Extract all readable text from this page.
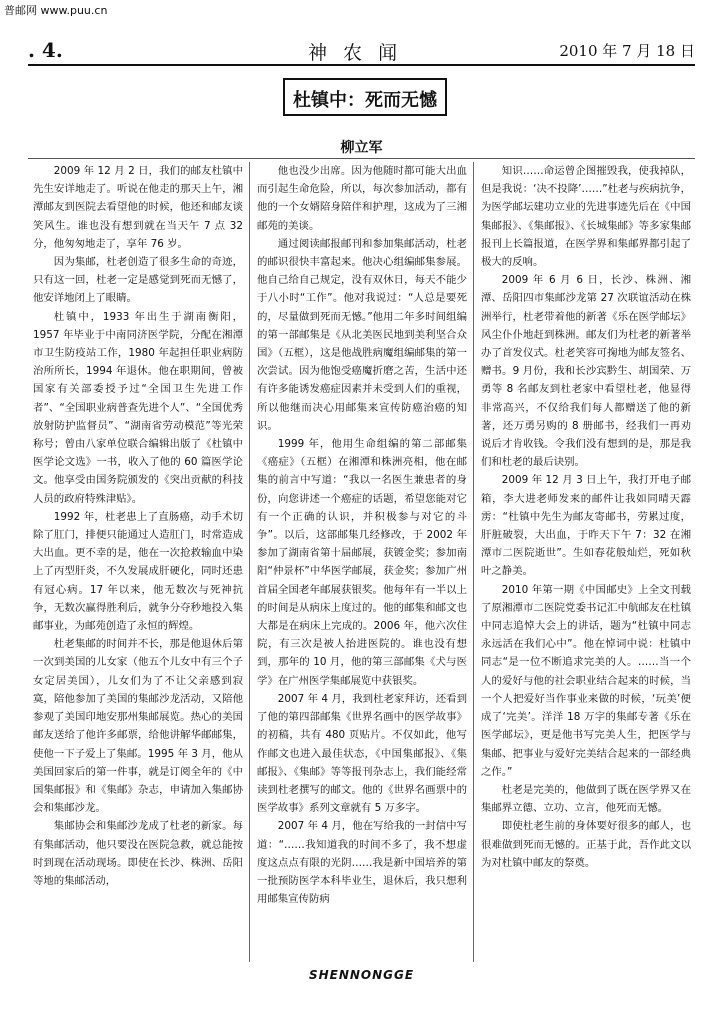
普邮网 www.puu.cn
. 4.	神 农 闻	2010 年 7 月 18 日
杜镇中：死而无憾
柳立军

2009 年 12 月 2 日，我们的邮友杜镇中先生安详地走了。听说在他走的那天上午，湘潭邮友到医院去看望他的时候，他还和邮友谈笑风生。谁也没有想到就在当天午 7 点 32 分，他匆匆地走了，享年 76 岁。

因为集邮，杜老创造了很多生命的奇迹，只有这一回，杜老一定是感觉到死而无憾了，他安详地闭上了眼睛。

杜镇中，1933 年出生于湖南衡阳，1957 年毕业于中南同济医学院，分配在湘潭市卫生防疫站工作，1980 年起担任职业病防治所所长，1994 年退休。他在职期间，曾被国家有关部委授予过“全国卫生先进工作者”、“全国职业病普查先进个人”、“全国优秀放射防护监督员”、“湖南省劳动模范”等光荣称号；曾由八家单位联合编辑出版了《杜镇中医学论文选》一书，收入了他的 60 篇医学论文。他享受由国务院颁发的《突出贡献的科技人员的政府特殊津贴》。

1992 年，杜老患上了直肠癌，动手术切除了肛门，排便只能通过人造肛门，时常造成大出血。更不幸的是，他在一次抢救输血中染上了丙型肝炎，不久发展成肝硬化，同时还患有冠心病。17 年以来，他无数次与死神抗争，无数次赢得胜利后，就争分夺秒地投入集邮事业，为邮苑创造了永恒的辉煌。

杜老集邮的时间并不长，那是他退休后第一次到美国的儿女家（他五个儿女中有三个子女定居美国），儿女们为了不让父亲感到寂寞，陪他参加了美国的集邮沙龙活动，又陪他参观了美国印地安那州集邮展览。热心的美国邮友送给了他许多邮票，给他讲解华邮邮集，使他一下子爱上了集邮。1995 年 3 月，他从美国回家后的第一件事，就是订阅全年的《中国集邮报》和《集邮》杂志，申请加入集邮协会和集邮沙龙。

集邮协会和集邮沙龙成了杜老的新家。每有集邮活动，他只要没在医院急救，就总能按时到现在活动现场。即使在长沙、株洲、岳阳等地的集邮活动，

他也没少出席。因为他随时都可能大出血而引起生命危险，所以，每次参加活动，都有他的一个女婿陪身陪伴和护理，这成为了三湘邮苑的美谈。

通过阅读邮报邮刊和参加集邮活动，杜老的邮识很快丰富起来。他决心组编邮集参展。他自己给自己规定，没有双休日，每天不能少于八小时“工作”。他对我说过：“人总是要死的，尽量做到死而无憾。”他用二年多时间组编的第一部邮集是《从北美医民地到美利坚合众国》（五框），这是他战胜病魔组编邮集的第一次尝试。因为他饱受癌魔折磨之苦，生活中还有许多能诱发癌症因素并未受到人们的重视，所以他继而决心用邮集来宣传防癌治癌的知识。

1999 年，他用生命组编的第二部邮集《癌症》（五框）在湘潭和株洲亮相，他在邮集的前言中写道：“我以一名医生兼患者的身份，向您讲述一个癌症的话题，希望您能对它有一个正确的认识，并积极参与对它的斗争”。以后，这部邮集几经修改，于 2002 年参加了湖南省第十届邮展，获镀金奖；参加南阳“仲景杯”中华医学邮展，获金奖；参加广州首届全国老年邮展获银奖。他每年有一半以上的时间是从病床上度过的。他的邮集和邮文也大都是在病床上完成的。2006 年，他六次住院，有三次是被人抬进医院的。谁也没有想到，那年的 10 月，他的第三部邮集《犬与医学》在广州医学集邮展览中获银奖。

2007 年 4 月，我到杜老家拜访，还看到了他的第四部邮集《世界名画中的医学故事》的初稿，共有 480 页贴片。不仅如此，他写作邮文也进入最佳状态，《中国集邮报》、《集邮报》、《集邮》等等报刊杂志上，我们能经常读到杜老撰写的邮文。他的《世界名画票中的医学故事》系列文章就有 5 万多字。

2007 年 4 月，他在写给我的一封信中写道：“……我知道我的时间不多了，我不想虚度这点点有限的光阴……我是新中国培养的第一批预防医学本科毕业生，退休后，我只想利用邮集宣传防病

知识……命运曾企图摧毁我，使我掉队，但是我说：‘决不投降’……”杜老与疾病抗争，为医学邮坛建功立业的先进事迹先后在《中国集邮报》、《集邮报》、《长城集邮》等多家集邮报刊上长篇报道，在医学界和集邮界都引起了极大的反响。

2009 年 6 月 6 日，长沙、株洲、湘潭、岳阳四市集邮沙龙第 27 次联谊活动在株洲举行，杜老带着他的新著《乐在医学邮坛》风尘仆仆地赶到株洲。邮友们为杜老的新著举办了首发仪式。杜老笑容可掬地为邮友签名、赠书。9 月份，我和长沙宾黔生、胡国荣、万勇等 8 名邮友到杜老家中看望杜老，他显得非常高兴，不仅给我们每人都赠送了他的新著，还万勇另购的 8 册邮书，经我们一再劝说后才肯收钱。令我们没有想到的是，那是我们和杜老的最后诀别。

2009 年 12 月 3 日上午，我打开电子邮箱，李大进老师发来的邮件让我如同晴天霹雳：“杜镇中先生为邮友寄邮书，劳累过度，肝脏破裂，大出血，于昨天下午 7：32 在湘潭市二医院逝世”。生如春花般灿烂，死如秋叶之静美。

2010 年第一期《中国邮史》上全文刊载了原湘潭市二医院党委书记汇中航邮友在杜镇中同志追悼大会上的讲话，题为“杜镇中同志永远活在我们心中”。他在悼词中说：杜镇中同志“是一位不断追求完美的人。……当一个人的爱好与他的社会职业结合起来的时候，当一个人把爱好当作事业来做的时候，‘玩美’便成了‘完美’。洋洋 18 万字的集邮专著《乐在医学邮坛》，更是他书写完美人生，把医学与集邮、把事业与爱好完美结合起来的一部经典之作。”

杜老是完美的，他做到了既在医学界又在集邮界立德、立功、立言，他死而无憾。

即使杜老生前的身体要好很多的邮人，也很难做到死而无憾的。正基于此，吾作此文以为对杜镇中邮友的祭奠。

SHENNONGGE
